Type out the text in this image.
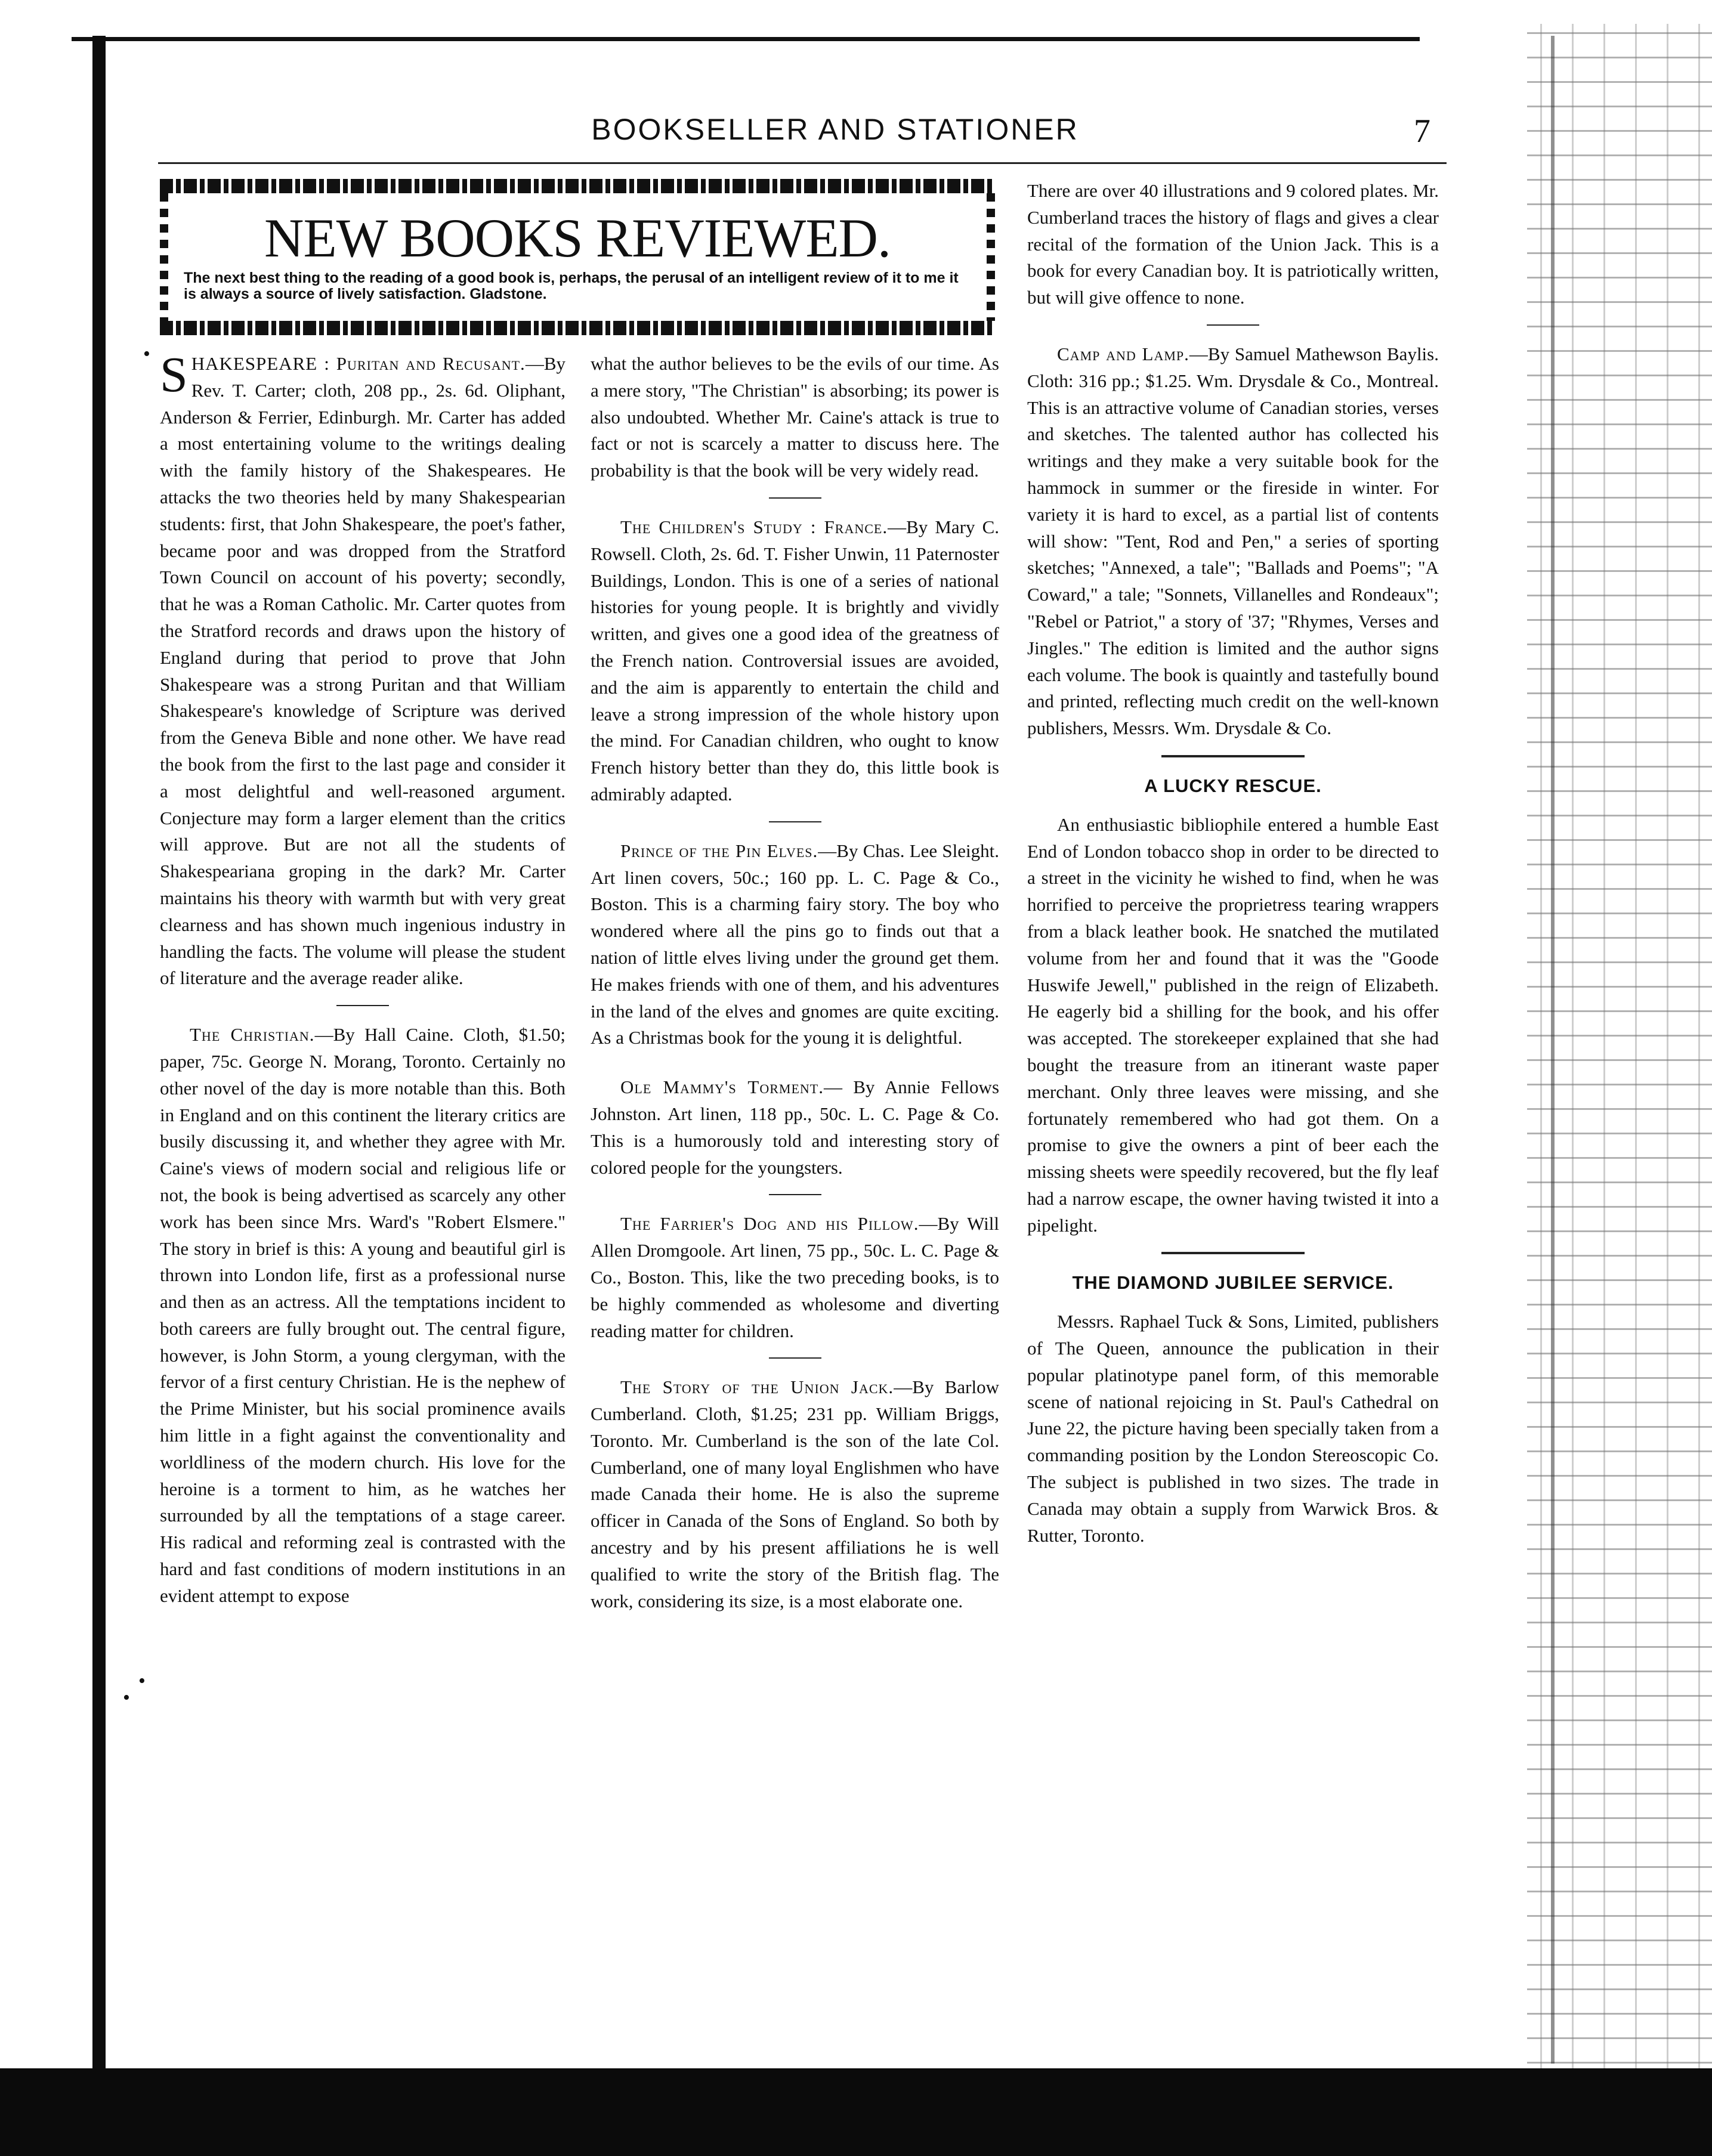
•
•
•
BOOKSELLER AND STATIONER	7
NEW BOOKS REVIEWED.
The next best thing to the reading of a good book is, perhaps, the perusal of an intelligent review of it to me it is always a source of lively satisfaction. Gladstone.

SHAKESPEARE : Puritan and Recusant.—By Rev. T. Carter; cloth, 208 pp., 2s. 6d. Oliphant, Anderson & Ferrier, Edinburgh. Mr. Carter has added a most entertaining volume to the writings dealing with the family history of the Shakespeares. He attacks the two theories held by many Shakespearian students: first, that John Shakespeare, the poet's father, became poor and was dropped from the Stratford Town Council on account of his poverty; secondly, that he was a Roman Catholic. Mr. Carter quotes from the Stratford records and draws upon the history of England during that period to prove that John Shakespeare was a strong Puritan and that William Shakespeare's knowledge of Scripture was derived from the Geneva Bible and none other. We have read the book from the first to the last page and consider it a most delightful and well-reasoned argument. Conjecture may form a larger element than the critics will approve. But are not all the students of Shakespeariana groping in the dark? Mr. Carter maintains his theory with warmth but with very great clearness and has shown much ingenious industry in handling the facts. The volume will please the student of literature and the average reader alike.

The Christian.—By Hall Caine. Cloth, $1.50; paper, 75c. George N. Morang, Toronto. Certainly no other novel of the day is more notable than this. Both in England and on this continent the literary critics are busily discussing it, and whether they agree with Mr. Caine's views of modern social and religious life or not, the book is being advertised as scarcely any other work has been since Mrs. Ward's "Robert Elsmere." The story in brief is this: A young and beautiful girl is thrown into London life, first as a professional nurse and then as an actress. All the temptations incident to both careers are fully brought out. The central figure, however, is John Storm, a young clergyman, with the fervor of a first century Christian. He is the nephew of the Prime Minister, but his social prominence avails him little in a fight against the conventionality and worldliness of the modern church. His love for the heroine is a torment to him, as he watches her surrounded by all the temptations of a stage career. His radical and reforming zeal is contrasted with the hard and fast conditions of modern institutions in an evident attempt to expose

what the author believes to be the evils of our time. As a mere story, "The Christian" is absorbing; its power is also undoubted. Whether Mr. Caine's attack is true to fact or not is scarcely a matter to discuss here. The probability is that the book will be very widely read.

The Children's Study : France.—By Mary C. Rowsell. Cloth, 2s. 6d. T. Fisher Unwin, 11 Paternoster Buildings, London. This is one of a series of national histories for young people. It is brightly and vividly written, and gives one a good idea of the greatness of the French nation. Controversial issues are avoided, and the aim is apparently to entertain the child and leave a strong impression of the whole history upon the mind. For Canadian children, who ought to know French history better than they do, this little book is admirably adapted.

Prince of the Pin Elves.—By Chas. Lee Sleight. Art linen covers, 50c.; 160 pp. L. C. Page & Co., Boston. This is a charming fairy story. The boy who wondered where all the pins go to finds out that a nation of little elves living under the ground get them. He makes friends with one of them, and his adventures in the land of the elves and gnomes are quite exciting. As a Christmas book for the young it is delightful.

Ole Mammy's Torment.— By Annie Fellows Johnston. Art linen, 118 pp., 50c. L. C. Page & Co. This is a humorously told and interesting story of colored people for the youngsters.

The Farrier's Dog and his Pillow.—By Will Allen Dromgoole. Art linen, 75 pp., 50c. L. C. Page & Co., Boston. This, like the two preceding books, is to be highly commended as wholesome and diverting reading matter for children.

The Story of the Union Jack.—By Barlow Cumberland. Cloth, $1.25; 231 pp. William Briggs, Toronto. Mr. Cumberland is the son of the late Col. Cumberland, one of many loyal Englishmen who have made Canada their home. He is also the supreme officer in Canada of the Sons of England. So both by ancestry and by his present affiliations he is well qualified to write the story of the British flag. The work, considering its size, is a most elaborate one.

There are over 40 illustrations and 9 colored plates. Mr. Cumberland traces the history of flags and gives a clear recital of the formation of the Union Jack. This is a book for every Canadian boy. It is patriotically written, but will give offence to none.

Camp and Lamp.—By Samuel Mathewson Baylis. Cloth: 316 pp.; $1.25. Wm. Drysdale & Co., Montreal. This is an attractive volume of Canadian stories, verses and sketches. The talented author has collected his writings and they make a very suitable book for the hammock in summer or the fireside in winter. For variety it is hard to excel, as a partial list of contents will show: "Tent, Rod and Pen," a series of sporting sketches; "Annexed, a tale"; "Ballads and Poems"; "A Coward," a tale; "Sonnets, Villanelles and Rondeaux"; "Rebel or Patriot," a story of '37; "Rhymes, Verses and Jingles." The edition is limited and the author signs each volume. The book is quaintly and tastefully bound and printed, reflecting much credit on the well-known publishers, Messrs. Wm. Drysdale & Co.

A LUCKY RESCUE.

An enthusiastic bibliophile entered a humble East End of London tobacco shop in order to be directed to a street in the vicinity he wished to find, when he was horrified to perceive the proprietress tearing wrappers from a black leather book. He snatched the mutilated volume from her and found that it was the "Goode Huswife Jewell," published in the reign of Elizabeth. He eagerly bid a shilling for the book, and his offer was accepted. The storekeeper explained that she had bought the treasure from an itinerant waste paper merchant. Only three leaves were missing, and she fortunately remembered who had got them. On a promise to give the owners a pint of beer each the missing sheets were speedily recovered, but the fly leaf had a narrow escape, the owner having twisted it into a pipelight.

THE DIAMOND JUBILEE SERVICE.

Messrs. Raphael Tuck & Sons, Limited, publishers of The Queen, announce the publication in their popular platinotype panel form, of this memorable scene of national rejoicing in St. Paul's Cathedral on June 22, the picture having been specially taken from a commanding position by the London Stereoscopic Co. The subject is published in two sizes. The trade in Canada may obtain a supply from Warwick Bros. & Rutter, Toronto.
